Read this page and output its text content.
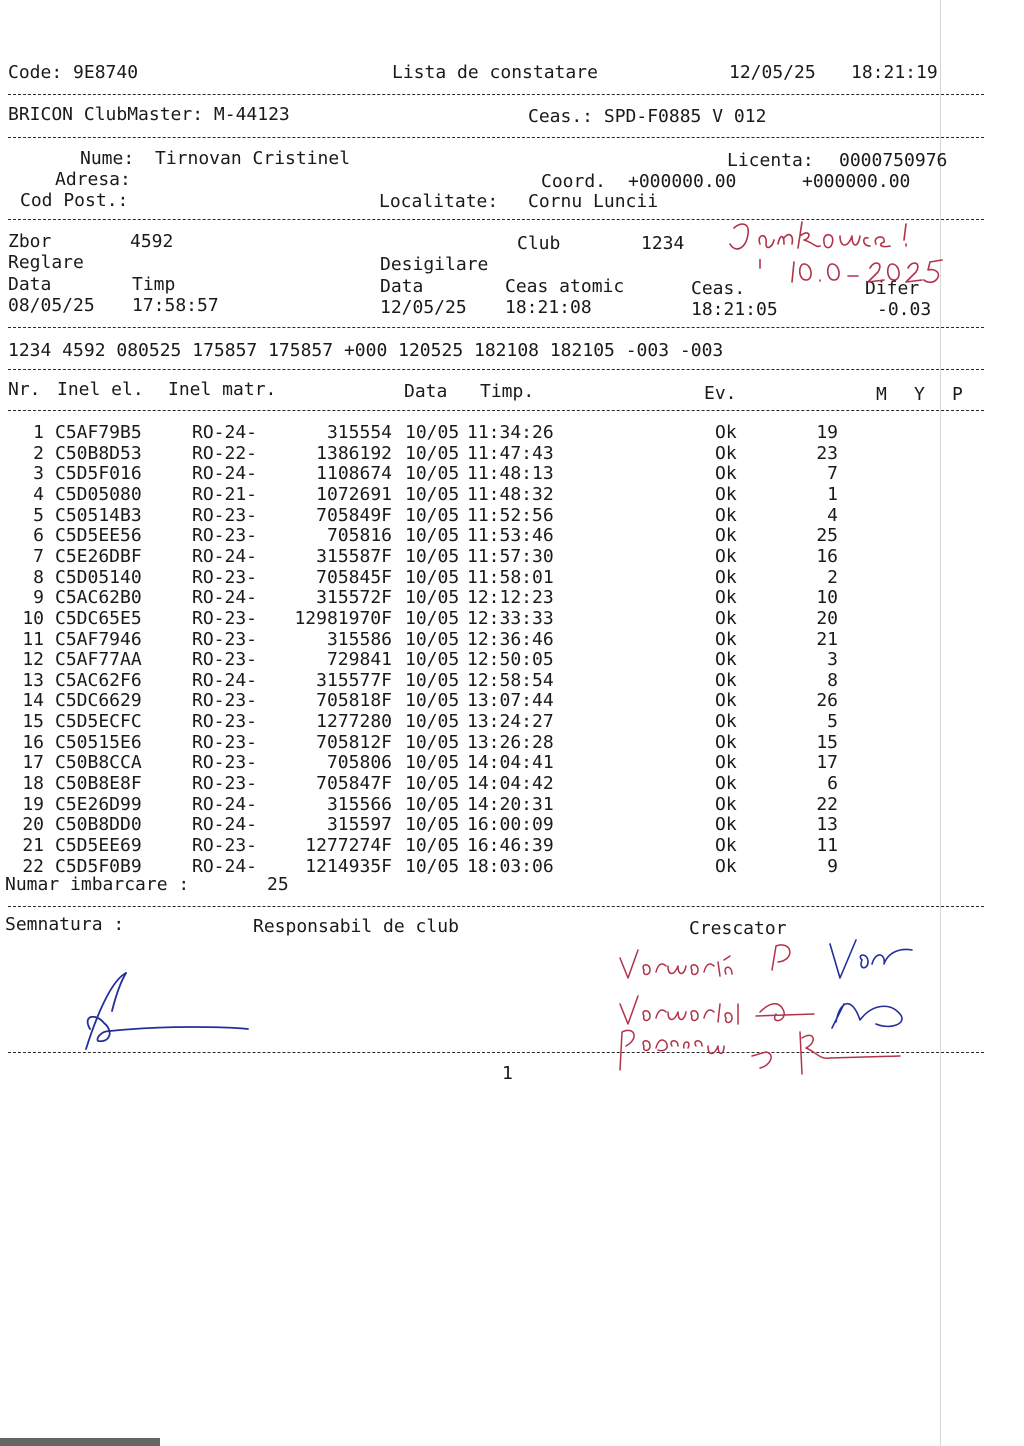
Code: 9E8740	Lista de constatare	12/05/25 18:21:19
BRICON ClubMaster: M-44123	Ceas.: SPD-F0885 V 012
Nume: Tirnovan Cristinel	Licenta: 0000750976
Adresa:	Coord. +000000.00	+000000.00
Cod Post.:	Localitate: Cornu Luncii
Zbor	4592	Club	1234
Reglare	Desigilare
Data	Timp	Data	Ceas atomic	Ceas.	Difer
08/05/25 17:58:57	12/05/25 18:21:08	18:21:05	-0.03
1234 4592 080525 175857 175857 +000 120525 182108 182105 -003 -003
Nr. Inel el. Inel matr.	Data Timp.	Ev.	M Y P
1 C5AF79B5	RO-24-	315554 10/05 11:34:26	Ok	19
2 C50B8D53	RO-22-	1386192 10/05 11:47:43	Ok	23
3 C5D5F016	RO-24-	1108674 10/05 11:48:13	Ok	7
4 C5D05080	RO-21-	1072691 10/05 11:48:32	Ok	1
5 C50514B3	RO-23-	705849F 10/05 11:52:56	Ok	4
6 C5D5EE56	RO-23-	705816 10/05 11:53:46	Ok	25
7 C5E26DBF	RO-24-	315587F 10/05 11:57:30	Ok	16
8 C5D05140	RO-23-	705845F 10/05 11:58:01	Ok	2
9 C5AC62B0	RO-24-	315572F 10/05 12:12:23	Ok	10
10 C5DC65E5	RO-23-	12981970F 10/05 12:33:33	Ok	20
11 C5AF7946	RO-23-	315586 10/05 12:36:46	Ok	21
12 C5AF77AA	RO-23-	729841 10/05 12:50:05	Ok	3
13 C5AC62F6	RO-24-	315577F 10/05 12:58:54	Ok	8
14 C5DC6629	RO-23-	705818F 10/05 13:07:44	Ok	26
15 C5D5ECFC	RO-23-	1277280 10/05 13:24:27	Ok	5
16 C50515E6	RO-23-	705812F 10/05 13:26:28	Ok	15
17 C50B8CCA	RO-23-	705806 10/05 14:04:41	Ok	17
18 C50B8E8F	RO-23-	705847F 10/05 14:04:42	Ok	6
19 C5E26D99	RO-24-	315566 10/05 14:20:31	Ok	22
20 C50B8DD0	RO-24-	315597 10/05 16:00:09	Ok	13
21 C5D5EE69	RO-23-	1277274F 10/05 16:46:39	Ok	11
22 C5D5F0B9	RO-24-	1214935F 10/05 18:03:06	Ok	9
Numar imbarcare :	25
Semnatura :	Responsabil de club	Crescator
1
